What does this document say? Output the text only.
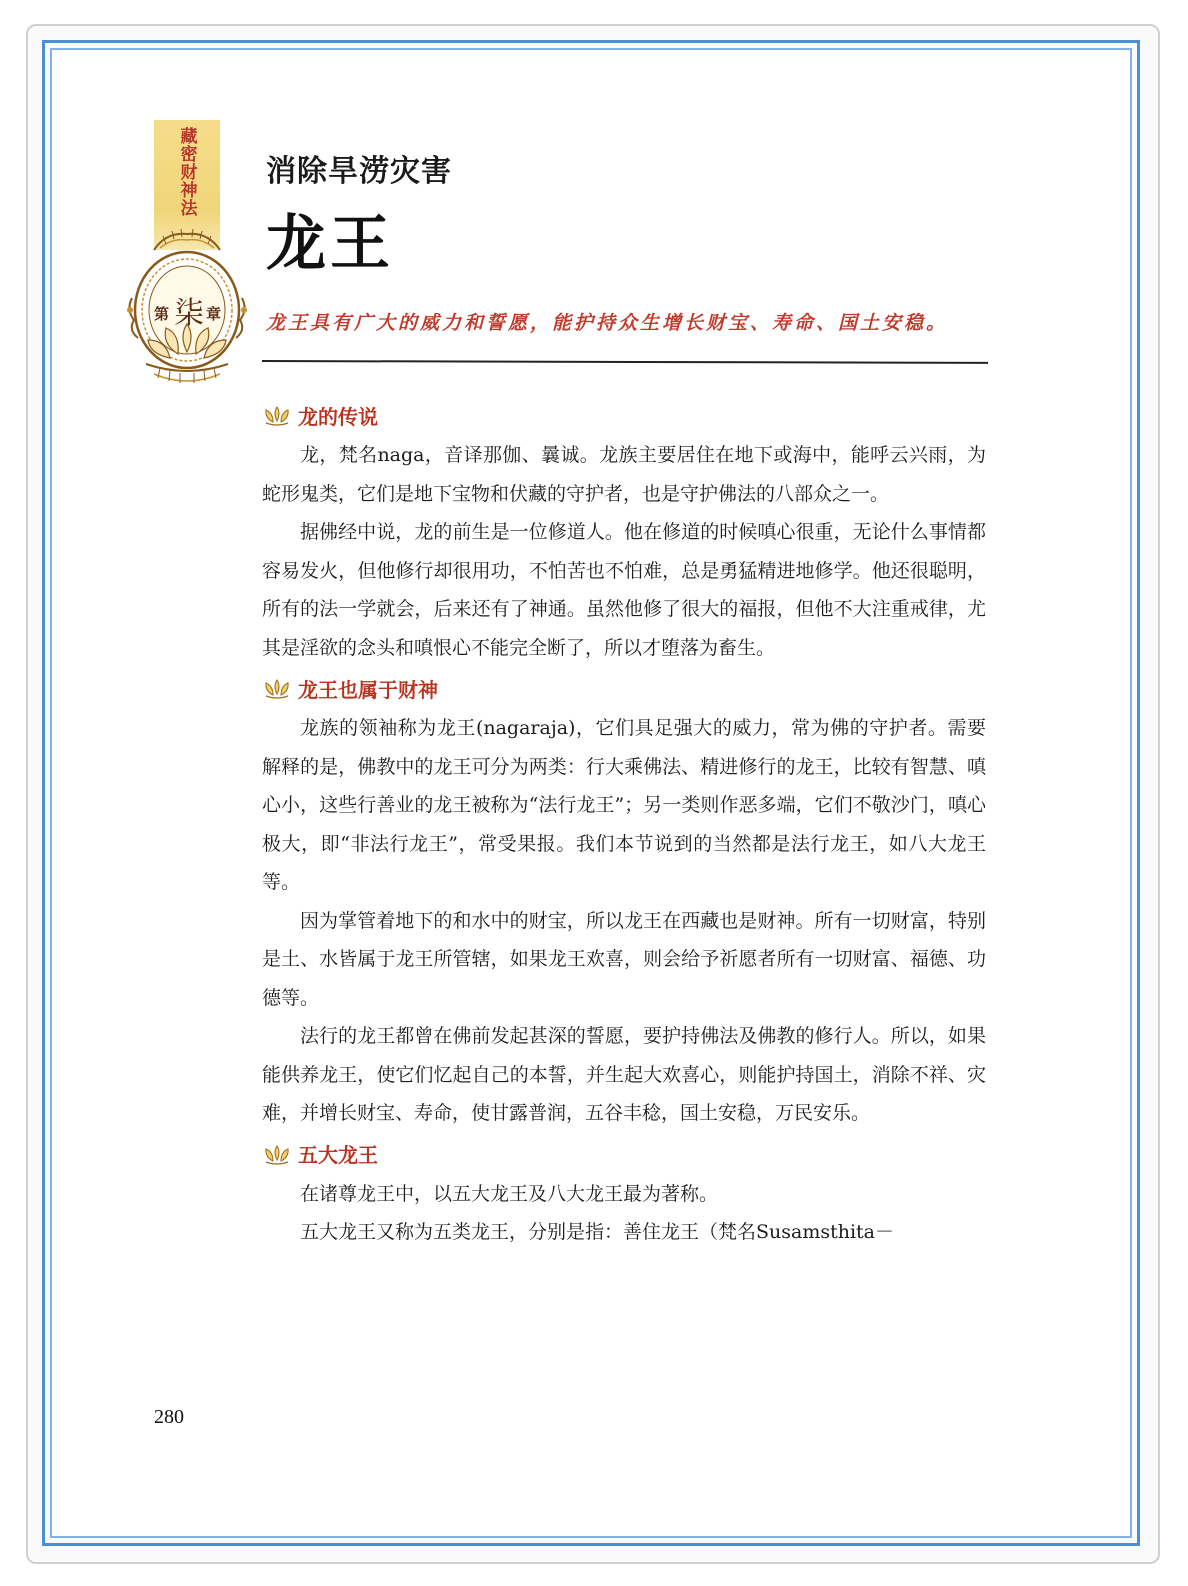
藏密财神法
第 柒 章
消除旱涝灾害
龙王
龙王具有广大的威力和誓愿，能护持众生增长财宝、寿命、国土安稳。
龙的传说

龙，梵名naga，音译那伽、曩诚。龙族主要居住在地下或海中，能呼云兴雨，为蛇形鬼类，它们是地下宝物和伏藏的守护者，也是守护佛法的八部众之一。

据佛经中说，龙的前生是一位修道人。他在修道的时候嗔心很重，无论什么事情都容易发火，但他修行却很用功，不怕苦也不怕难，总是勇猛精进地修学。他还很聪明，所有的法一学就会，后来还有了神通。虽然他修了很大的福报，但他不大注重戒律，尤其是淫欲的念头和嗔恨心不能完全断了，所以才堕落为畜生。

龙王也属于财神

龙族的领袖称为龙王(nagaraja)，它们具足强大的威力，常为佛的守护者。需要解释的是，佛教中的龙王可分为两类：行大乘佛法、精进修行的龙王，比较有智慧、嗔心小，这些行善业的龙王被称为“法行龙王”；另一类则作恶多端，它们不敬沙门，嗔心极大，即“非法行龙王”，常受果报。我们本节说到的当然都是法行龙王，如八大龙王等。

因为掌管着地下的和水中的财宝，所以龙王在西藏也是财神。所有一切财富，特别是土、水皆属于龙王所管辖，如果龙王欢喜，则会给予祈愿者所有一切财富、福德、功德等。

法行的龙王都曾在佛前发起甚深的誓愿，要护持佛法及佛教的修行人。所以，如果能供养龙王，使它们忆起自己的本誓，并生起大欢喜心，则能护持国土，消除不祥、灾难，并增长财宝、寿命，使甘露普润，五谷丰稔，国土安稳，万民安乐。

五大龙王

在诸尊龙王中，以五大龙王及八大龙王最为著称。

五大龙王又称为五类龙王，分别是指：善住龙王（梵名Susamsthita－

280
